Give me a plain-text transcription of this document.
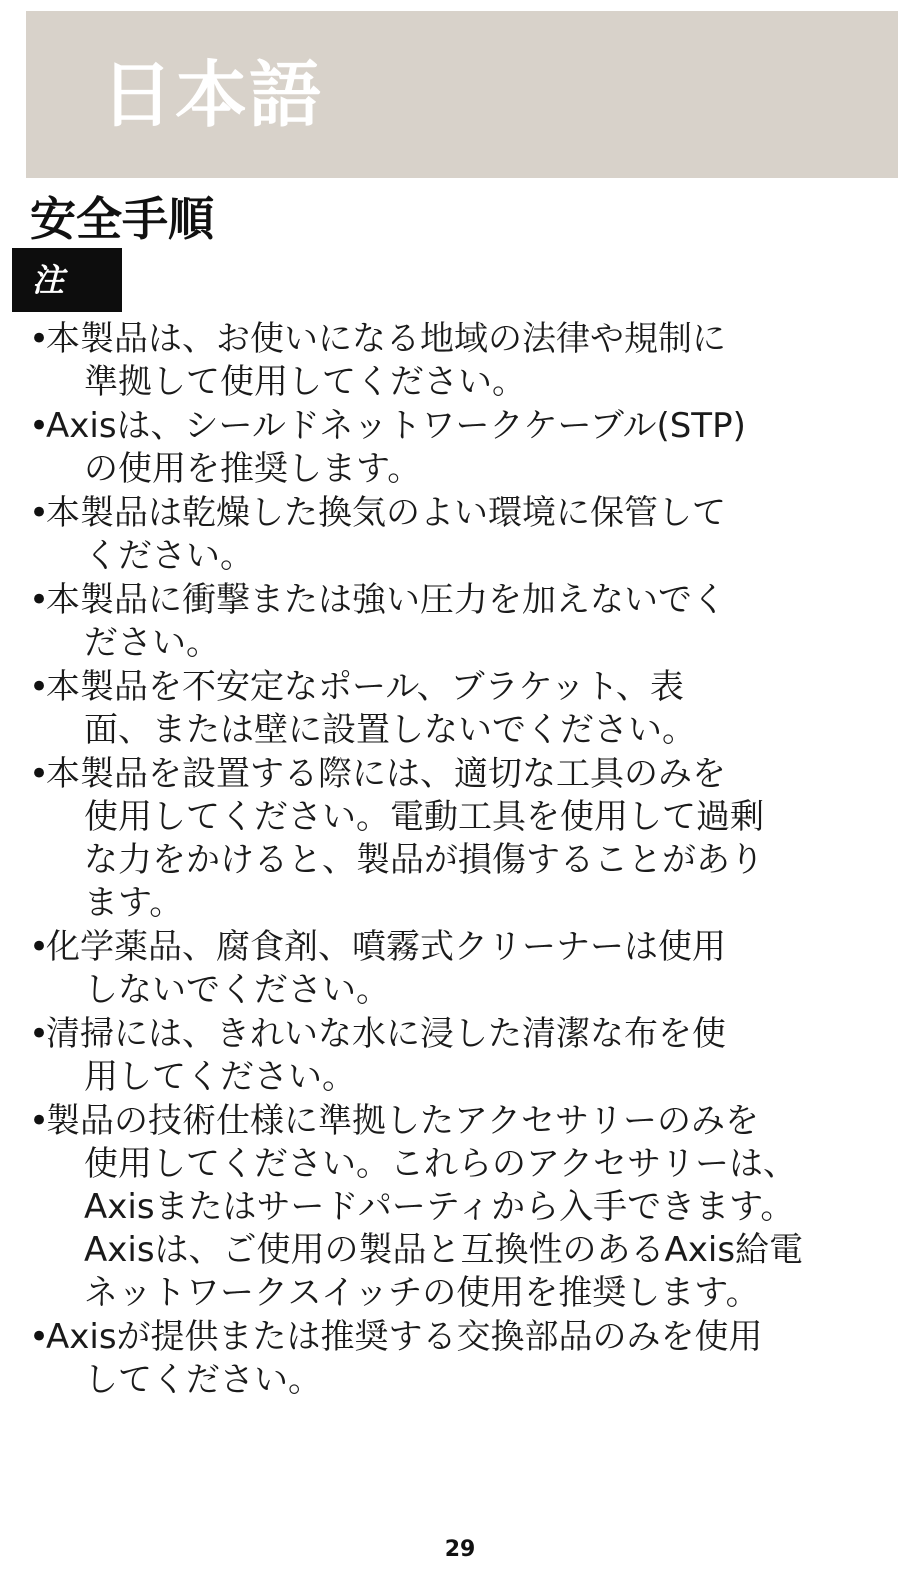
日本語
安全手順
注
•
本製品は、お使いになる地域の法律や規制に
準拠して使用してください。
•
Axisは、シールドネットワークケーブル(STP)
の使用を推奨します。
•
本製品は乾燥した換気のよい環境に保管して
ください。
•
本製品に衝撃または強い圧力を加えないでく
ださい。
•
本製品を不安定なポール、ブラケット、表
面、または壁に設置しないでください。
•
本製品を設置する際には、適切な工具のみを
使用してください。電動工具を使用して過剰
な力をかけると、製品が損傷することがあり
ます。
•
化学薬品、腐食剤、噴霧式クリーナーは使用
しないでください。
•
清掃には、きれいな水に浸した清潔な布を使
用してください。
•
製品の技術仕様に準拠したアクセサリーのみを
使用してください。これらのアクセサリーは、
Axisまたはサードパーティから入手できます。
Axisは、ご使用の製品と互換性のあるAxis給電
ネットワークスイッチの使用を推奨します。
•
Axisが提供または推奨する交換部品のみを使用
してください。
29
